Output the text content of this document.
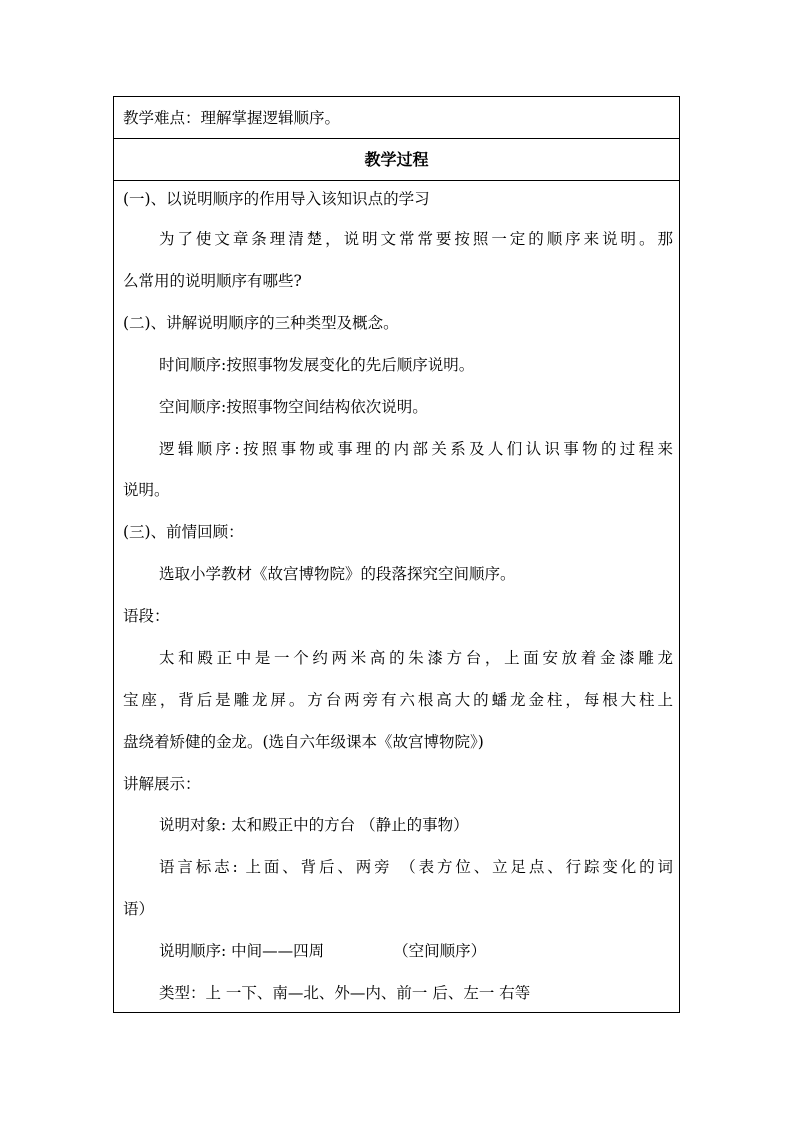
教学难点：理解掌握逻辑顺序。
教学过程
(一)、以说明顺序的作用导入该知识点的学习
为了使文章条理清楚，说明文常常要按照一定的顺序来说明。那
么常用的说明顺序有哪些?
(二)、讲解说明顺序的三种类型及概念。
时间顺序:按照事物发展变化的先后顺序说明。
空间顺序:按照事物空间结构依次说明。
逻辑顺序:按照事物或事理的内部关系及人们认识事物的过程来
说明。
(三)、前情回顾：
选取小学教材《故宫博物院》的段落探究空间顺序。
语段：
太和殿正中是一个约两米高的朱漆方台，上面安放着金漆雕龙
宝座，背后是雕龙屏。方台两旁有六根高大的蟠龙金柱，每根大柱上
盘绕着矫健的金龙。(选自六年级课本《故宫博物院》)
讲解展示：
说明对象: 太和殿正中的方台 （静止的事物）
语言标志: 上面、背后、两旁 （表方位、立足点、行踪变化的词
语）
说明顺序: 中间——四周              （空间顺序）
类型：上 一下、南—北、外—内、前一 后、左一 右等
